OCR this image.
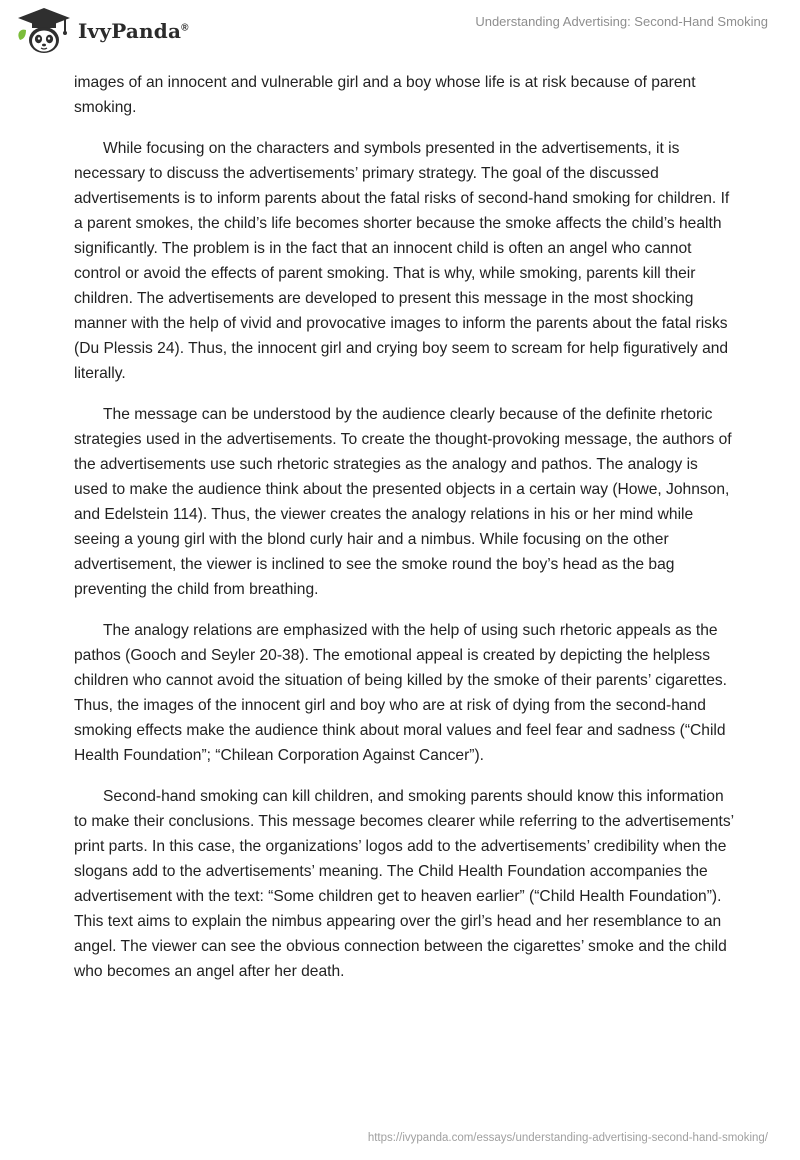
IvyPanda®	Understanding Advertising: Second-Hand Smoking

images of an innocent and vulnerable girl and a boy whose life is at risk because of parent smoking.

While focusing on the characters and symbols presented in the advertisements, it is necessary to discuss the advertisements’ primary strategy. The goal of the discussed advertisements is to inform parents about the fatal risks of second-hand smoking for children. If a parent smokes, the child’s life becomes shorter because the smoke affects the child’s health significantly. The problem is in the fact that an innocent child is often an angel who cannot control or avoid the effects of parent smoking. That is why, while smoking, parents kill their children. The advertisements are developed to present this message in the most shocking manner with the help of vivid and provocative images to inform the parents about the fatal risks (Du Plessis 24). Thus, the innocent girl and crying boy seem to scream for help figuratively and literally.

The message can be understood by the audience clearly because of the definite rhetoric strategies used in the advertisements. To create the thought-provoking message, the authors of the advertisements use such rhetoric strategies as the analogy and pathos. The analogy is used to make the audience think about the presented objects in a certain way (Howe, Johnson, and Edelstein 114). Thus, the viewer creates the analogy relations in his or her mind while seeing a young girl with the blond curly hair and a nimbus. While focusing on the other advertisement, the viewer is inclined to see the smoke round the boy’s head as the bag preventing the child from breathing.

The analogy relations are emphasized with the help of using such rhetoric appeals as the pathos (Gooch and Seyler 20-38). The emotional appeal is created by depicting the helpless children who cannot avoid the situation of being killed by the smoke of their parents’ cigarettes. Thus, the images of the innocent girl and boy who are at risk of dying from the second-hand smoking effects make the audience think about moral values and feel fear and sadness (“Child Health Foundation”; “Chilean Corporation Against Cancer”).

Second-hand smoking can kill children, and smoking parents should know this information to make their conclusions. This message becomes clearer while referring to the advertisements’ print parts. In this case, the organizations’ logos add to the advertisements’ credibility when the slogans add to the advertisements’ meaning. The Child Health Foundation accompanies the advertisement with the text: “Some children get to heaven earlier” (“Child Health Foundation”). This text aims to explain the nimbus appearing over the girl’s head and her resemblance to an angel. The viewer can see the obvious connection between the cigarettes’ smoke and the child who becomes an angel after her death.

https://ivypanda.com/essays/understanding-advertising-second-hand-smoking/
